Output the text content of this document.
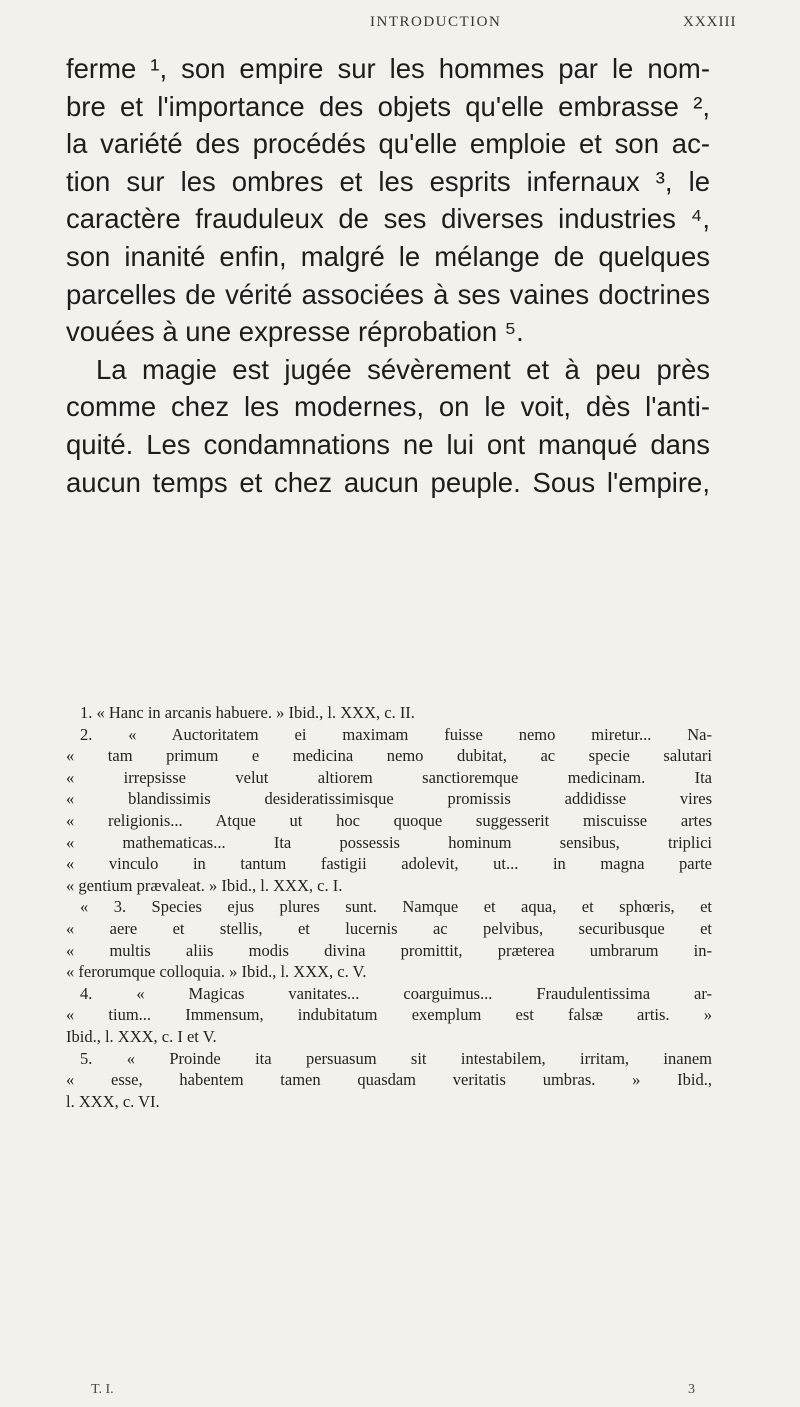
INTRODUCTION	XXXIII

ferme ¹, son empire sur les hommes par le nom-

bre et l'importance des objets qu'elle embrasse ²,

la variété des procédés qu'elle emploie et son ac-

tion sur les ombres et les esprits infernaux ³, le

caractère frauduleux de ses diverses industries ⁴,

son inanité enfin, malgré le mélange de quelques

parcelles de vérité associées à ses vaines doctrines

vouées à une expresse réprobation ⁵.

La magie est jugée sévèrement et à peu près

comme chez les modernes, on le voit, dès l'anti-

quité. Les condamnations ne lui ont manqué dans

aucun temps et chez aucun peuple. Sous l'empire,

1. « Hanc in arcanis habuere. » Ibid., l. XXX, c. II.

2. « Auctoritatem ei maximam fuisse nemo miretur... Na-

« tam primum e medicina nemo dubitat, ac specie salutari

« irrepsisse velut altiorem sanctioremque medicinam. Ita

« blandissimis desideratissimisque promissis addidisse vires

« religionis... Atque ut hoc quoque suggesserit miscuisse artes

« mathematicas... Ita possessis hominum sensibus, triplici

« vinculo in tantum fastigii adolevit, ut... in magna parte

« gentium prævaleat. » Ibid., l. XXX, c. I.

« 3. Species ejus plures sunt. Namque et aqua, et sphœris, et

« aere et stellis, et lucernis ac pelvibus, securibusque et

« multis aliis modis divina promittit, præterea umbrarum in-

« ferorumque colloquia. » Ibid., l. XXX, c. V.

4. « Magicas vanitates... coarguimus... Fraudulentissima ar-

« tium... Immensum, indubitatum exemplum est falsæ artis. »

Ibid., l. XXX, c. I et V.

5. « Proinde ita persuasum sit intestabilem, irritam, inanem

« esse, habentem tamen quasdam veritatis umbras. » Ibid.,

l. XXX, c. VI.

T. I.	3
